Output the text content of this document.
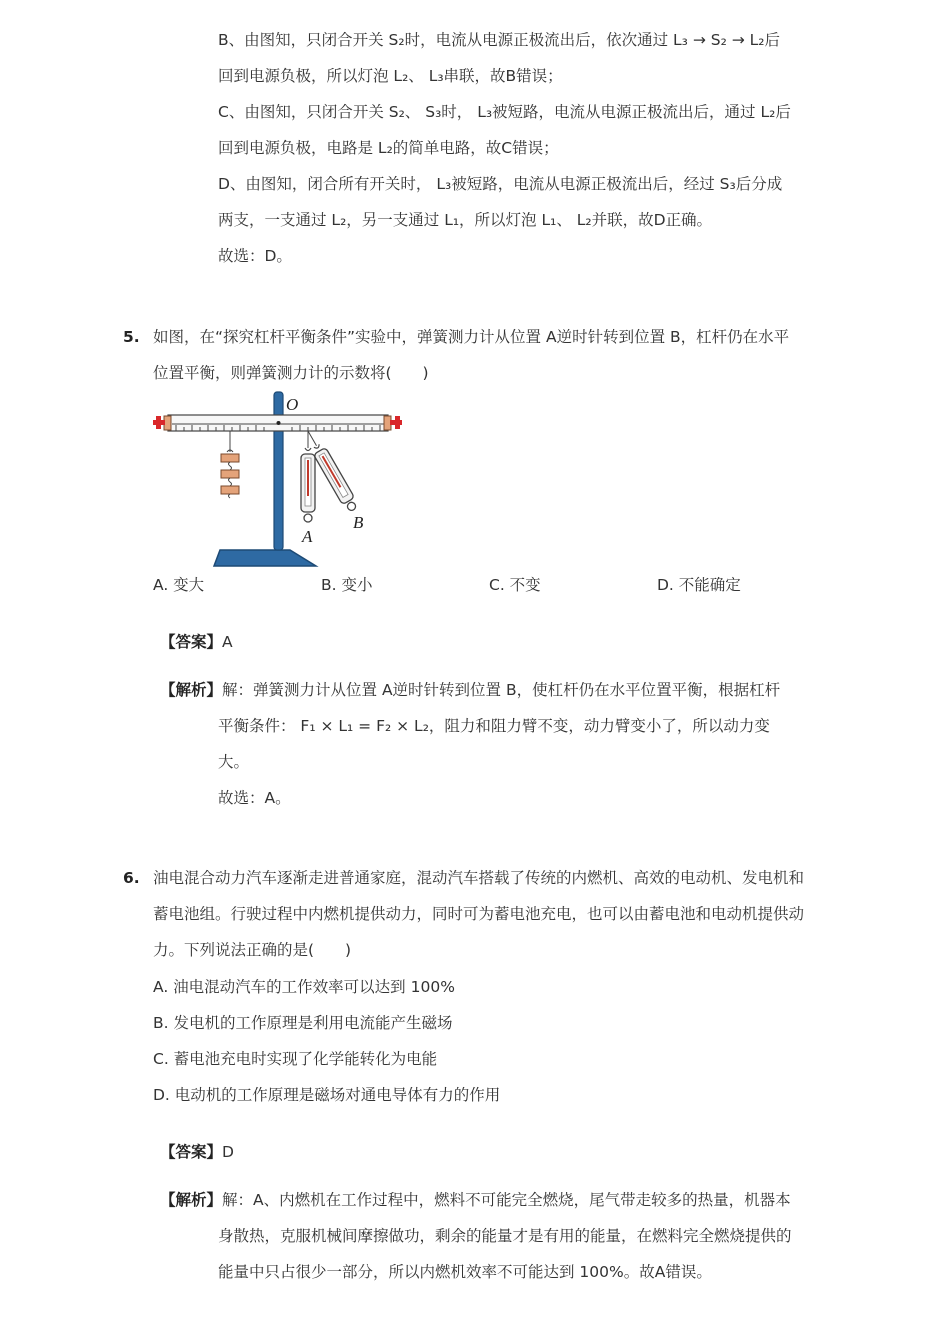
B、由图知，只闭合开关 S₂时，电流从电源正极流出后，依次通过 L₃ → S₂ → L₂后
回到电源负极，所以灯泡 L₂、 L₃串联，故B错误；
C、由图知，只闭合开关 S₂、 S₃时， L₃被短路，电流从电源正极流出后，通过 L₂后
回到电源负极，电路是 L₂的简单电路，故C错误；
D、由图知，闭合所有开关时， L₃被短路，电流从电源正极流出后，经过 S₃后分成
两支，一支通过 L₂，另一支通过 L₁，所以灯泡 L₁、 L₂并联，故D正确。
故选：D。
5. 如图，在“探究杠杆平衡条件”实验中，弹簧测力计从位置 A逆时针转到位置 B，杠杆仍在水平
位置平衡，则弹簧测力计的示数将(　　)
O
A
B
A. 变大	B. 变小	C. 不变	D. 不能确定
【答案】A
【解析】解：弹簧测力计从位置 A逆时针转到位置 B，使杠杆仍在水平位置平衡，根据杠杆
平衡条件： F₁ × L₁ = F₂ × L₂，阻力和阻力臂不变，动力臂变小了，所以动力变
大。
故选：A。
6. 油电混合动力汽车逐渐走进普通家庭，混动汽车搭载了传统的内燃机、高效的电动机、发电机和
蓄电池组。行驶过程中内燃机提供动力，同时可为蓄电池充电，也可以由蓄电池和电动机提供动
力。下列说法正确的是(　　)
A. 油电混动汽车的工作效率可以达到 100%
B. 发电机的工作原理是利用电流能产生磁场
C. 蓄电池充电时实现了化学能转化为电能
D. 电动机的工作原理是磁场对通电导体有力的作用
【答案】D
【解析】解：A、内燃机在工作过程中，燃料不可能完全燃烧，尾气带走较多的热量，机器本
身散热，克服机械间摩擦做功，剩余的能量才是有用的能量，在燃料完全燃烧提供的
能量中只占很少一部分，所以内燃机效率不可能达到 100%。故A错误。
